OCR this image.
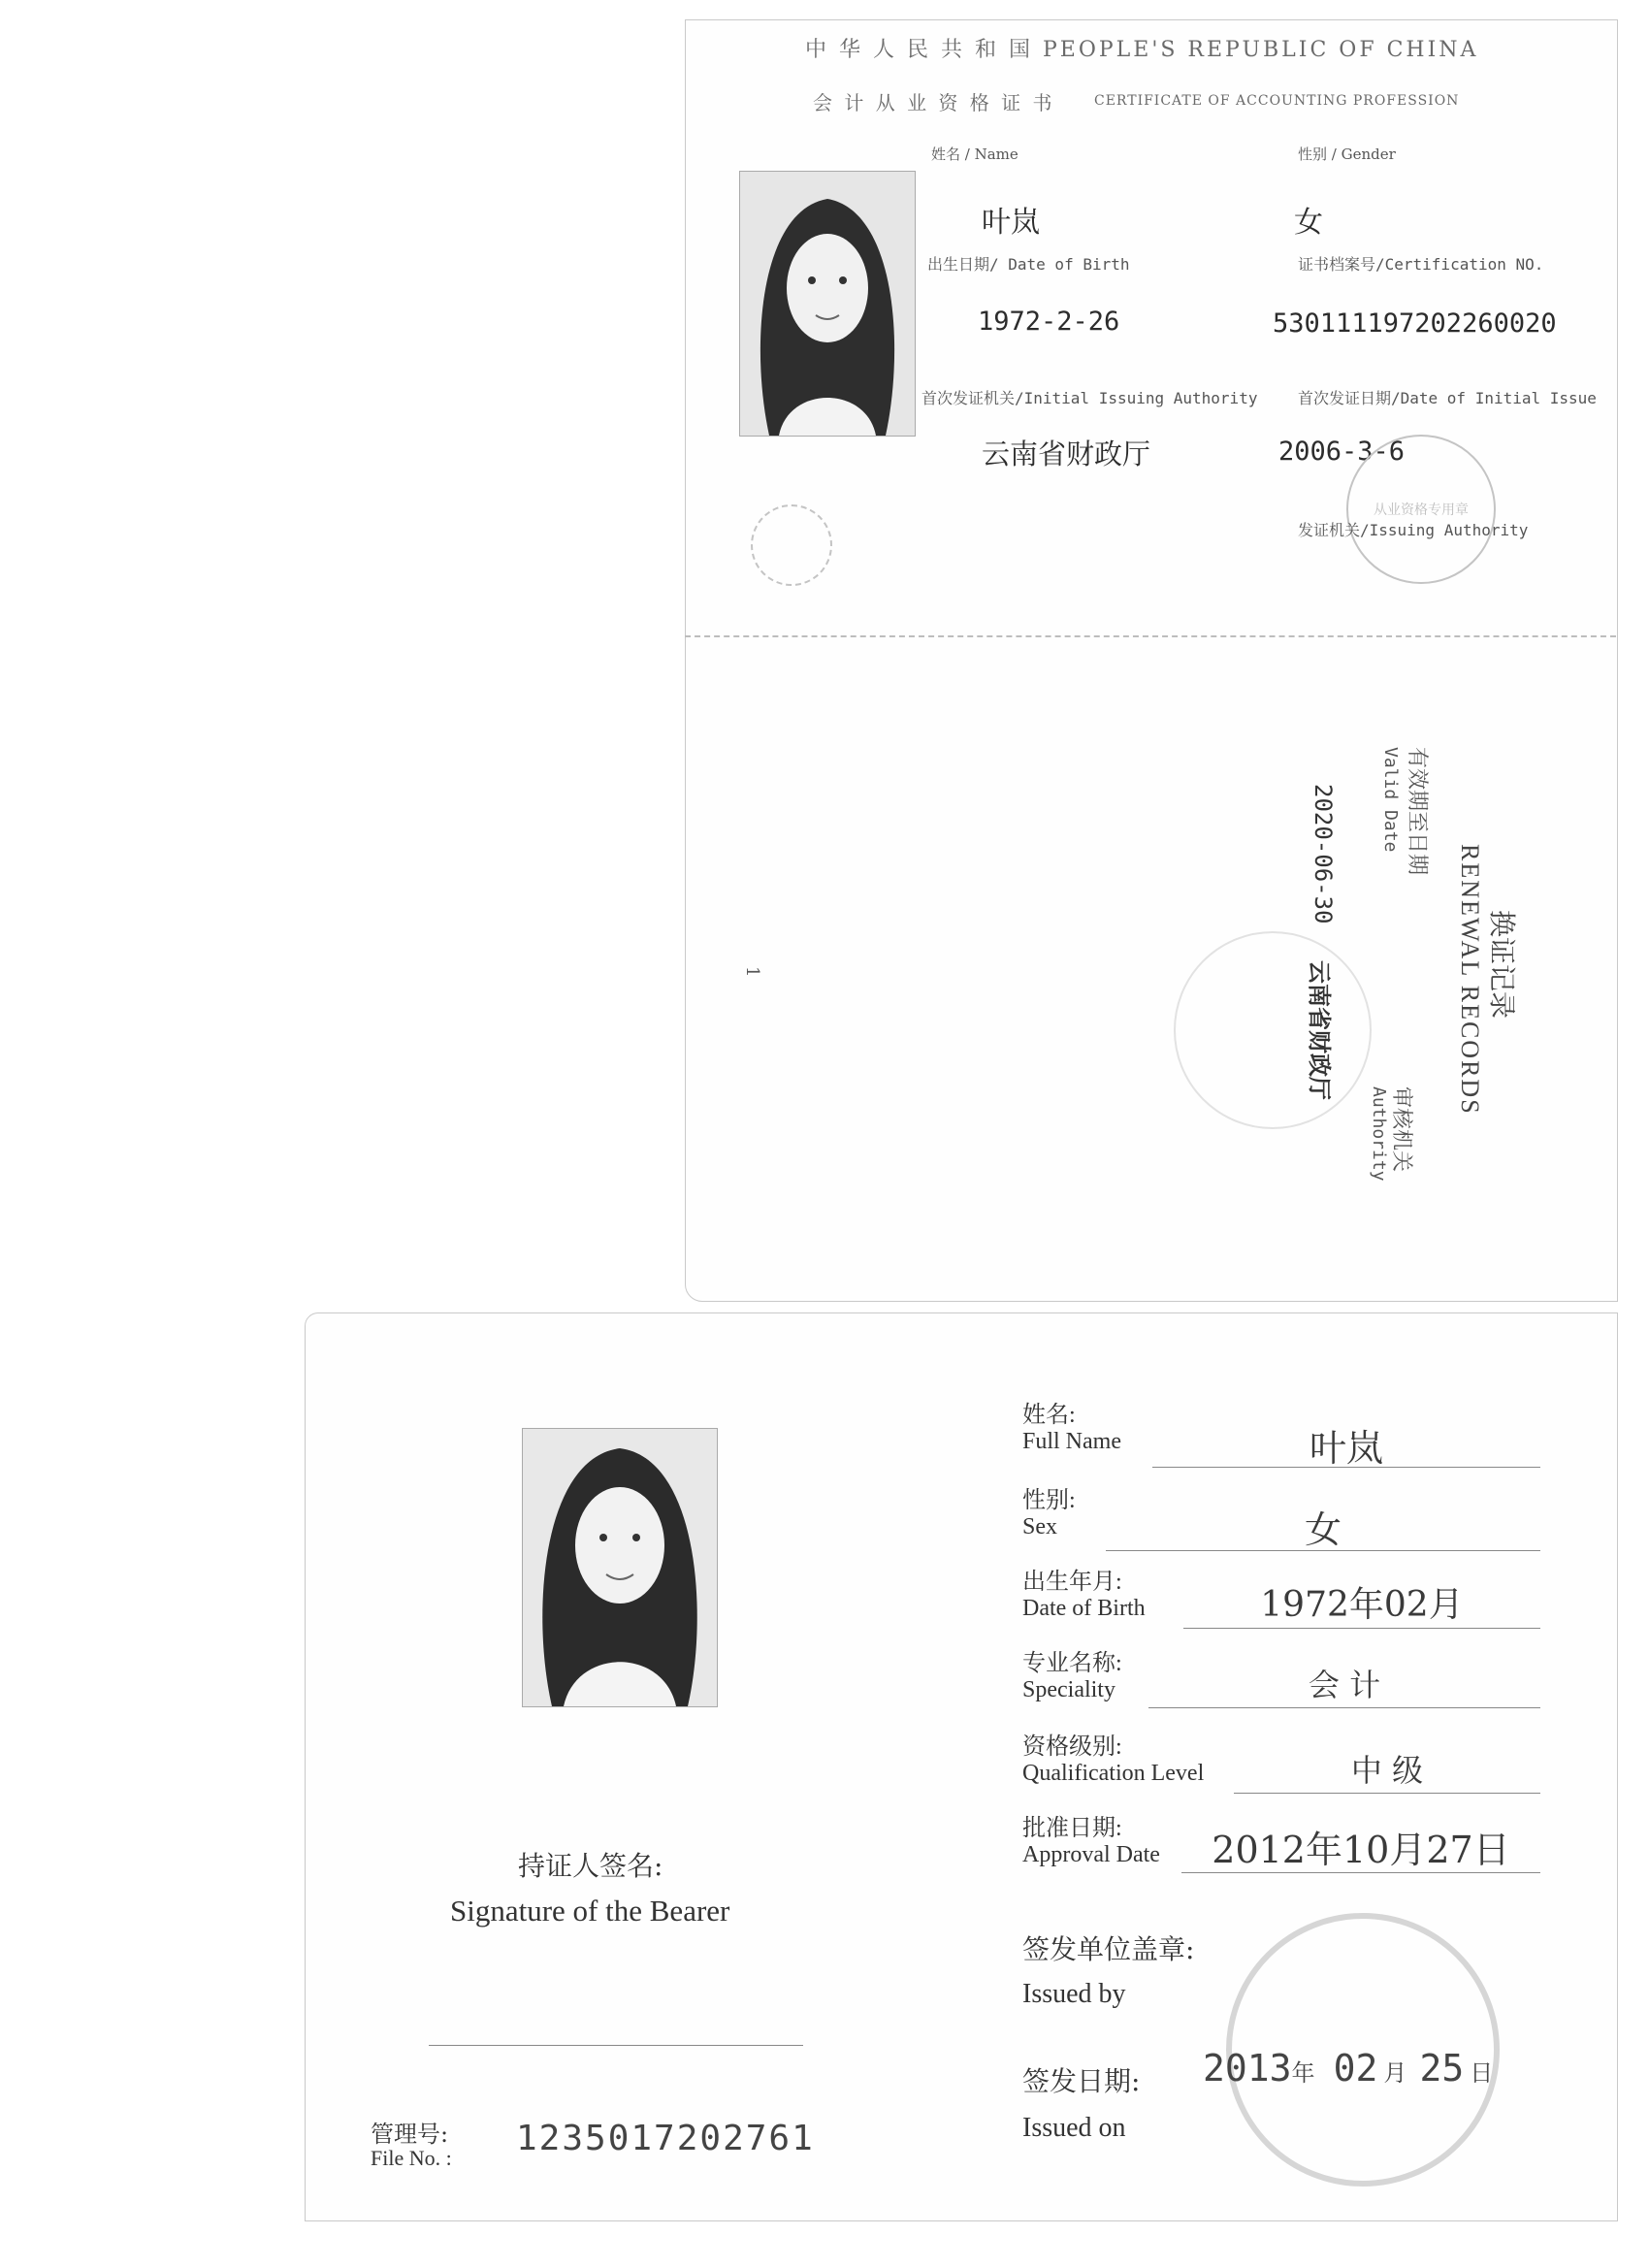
中 华 人 民 共 和 国 PEOPLE'S REPUBLIC OF CHINA
会 计 从 业 资 格 证 书	CERTIFICATE OF ACCOUNTING PROFESSION
姓名 / Name	性别 / Gender
叶岚	女
出生日期/ Date of Birth	证书档案号/Certification NO.
1972-2-26	530111197202260020
首次发证机关/Initial Issuing Authority	首次发证日期/Date of Initial Issue
云南省财政厅	2006-3-6
从业资格专用章
发证机关/Issuing Authority
换证记录
RENEWAL RECORDS
有效期至日期
Valid Date
2020-06-30
云南省财政厅
审核机关
Authority
1
持证人签名:
Signature of the Bearer
管理号:
File No. : 1235017202761
姓名:
Full Name	叶岚
性别:
Sex	女
出生年月:
Date of Birth	1972年02月
专业名称:
Speciality	会 计
资格级别:
Qualification Level	中 级
批准日期:
Approval Date	2012年10月27日
签发单位盖章:
Issued by
签发日期:
Issued on
2013年 02 月 25 日
